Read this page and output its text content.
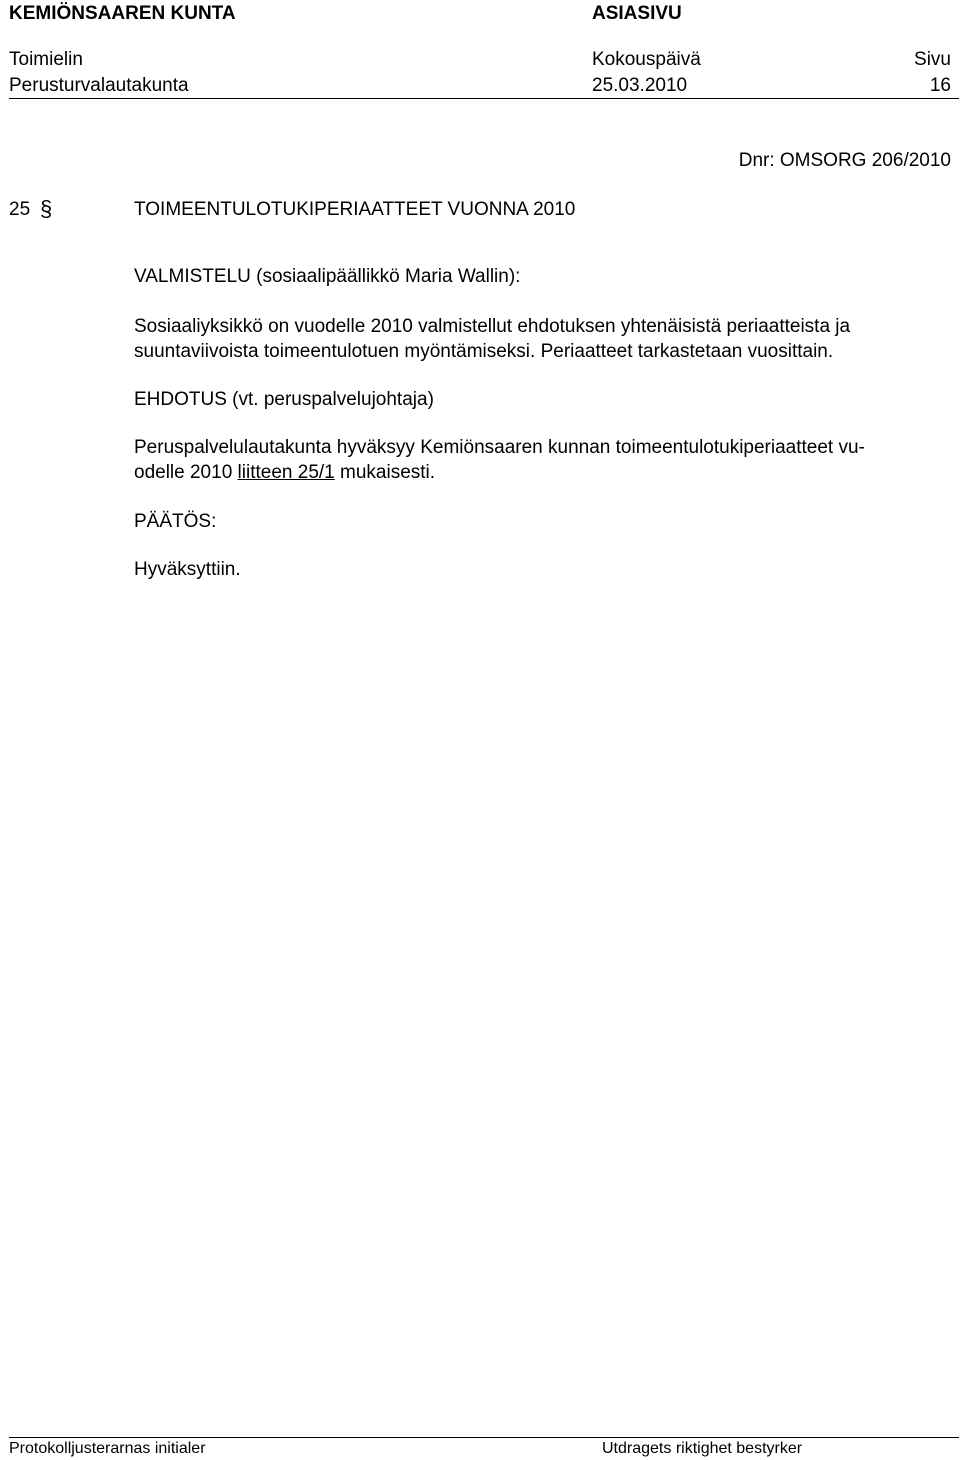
KEMIÖNSAAREN KUNTA	ASIASIVU
Toimielin	Kokouspäivä	Sivu
Perusturvalautakunta	25.03.2010	16
Dnr: OMSORG 206/2010
25 §	TOIMEENTULOTUKIPERIAATTEET VUONNA 2010
VALMISTELU (sosiaalipäällikkö Maria Wallin):
Sosiaaliyksikkö on vuodelle 2010 valmistellut ehdotuksen yhtenäisistä periaatteista ja
suuntaviivoista toimeentulotuen myöntämiseksi. Periaatteet tarkastetaan vuosittain.
EHDOTUS (vt. peruspalvelujohtaja)
Peruspalvelulautakunta hyväksyy Kemiönsaaren kunnan toimeentulotukiperiaatteet vu-
odelle 2010 liitteen 25/1 mukaisesti.
PÄÄTÖS:
Hyväksyttiin.
Protokolljusterarnas initialer	Utdragets riktighet bestyrker
